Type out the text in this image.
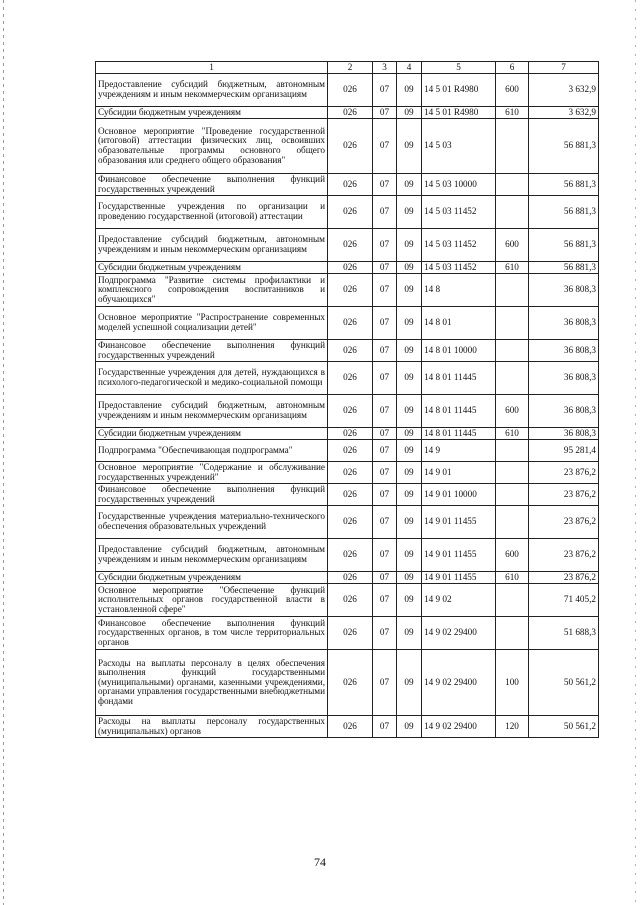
1	2	3	4	5	6	7
Предоставление субсидий бюджетным, автономным учреждениям и иным некоммерческим организациям	026	07	09	14 5 01 R4980	600	3 632,9
Субсидии бюджетным учреждениям	026	07	09	14 5 01 R4980	610	3 632,9
Основное мероприятие "Проведение государственной (итоговой) аттестации физических лиц, освоивших образовательные программы основного общего образования или среднего общего образования"	026	07	09	14 5 03		56 881,3
Финансовое обеспечение выполнения функций государственных учреждений	026	07	09	14 5 03 10000		56 881,3
Государственные учреждения по организации и проведению государственной (итоговой) аттестации	026	07	09	14 5 03 11452		56 881,3
Предоставление субсидий бюджетным, автономным учреждениям и иным некоммерческим организациям	026	07	09	14 5 03 11452	600	56 881,3
Субсидии бюджетным учреждениям	026	07	09	14 5 03 11452	610	56 881,3
Подпрограмма "Развитие системы профилактики и комплексного сопровождения воспитанников и обучающихся"	026	07	09	14 8		36 808,3
Основное мероприятие "Распространение современных моделей успешной социализации детей"	026	07	09	14 8 01		36 808,3
Финансовое обеспечение выполнения функций государственных учреждений	026	07	09	14 8 01 10000		36 808,3
Государственные учреждения для детей, нуждающихся в психолого-педагогической и медико-социальной помощи	026	07	09	14 8 01 11445		36 808,3
Предоставление субсидий бюджетным, автономным учреждениям и иным некоммерческим организациям	026	07	09	14 8 01 11445	600	36 808,3
Субсидии бюджетным учреждениям	026	07	09	14 8 01 11445	610	36 808,3
Подпрограмма "Обеспечивающая подпрограмма"	026	07	09	14 9		95 281,4
Основное мероприятие "Содержание и обслуживание государственных учреждений"	026	07	09	14 9 01		23 876,2
Финансовое обеспечение выполнения функций государственных учреждений	026	07	09	14 9 01 10000		23 876,2
Государственные учреждения материально-технического обеспечения образовательных учреждений	026	07	09	14 9 01 11455		23 876,2
Предоставление субсидий бюджетным, автономным учреждениям и иным некоммерческим организациям	026	07	09	14 9 01 11455	600	23 876,2
Субсидии бюджетным учреждениям	026	07	09	14 9 01 11455	610	23 876,2
Основное мероприятие "Обеспечение функций исполнительных органов государственной власти в установленной сфере"	026	07	09	14 9 02		71 405,2
Финансовое обеспечение выполнения функций государственных органов, в том числе территориальных органов	026	07	09	14 9 02 29400		51 688,3
Расходы на выплаты персоналу в целях обеспечения выполнения функций государственными (муниципальными) органами, казенными учреждениями, органами управления государственными внебюджетными фондами	026	07	09	14 9 02 29400	100	50 561,2
Расходы на выплаты персоналу государственных (муниципальных) органов	026	07	09	14 9 02 29400	120	50 561,2
74
